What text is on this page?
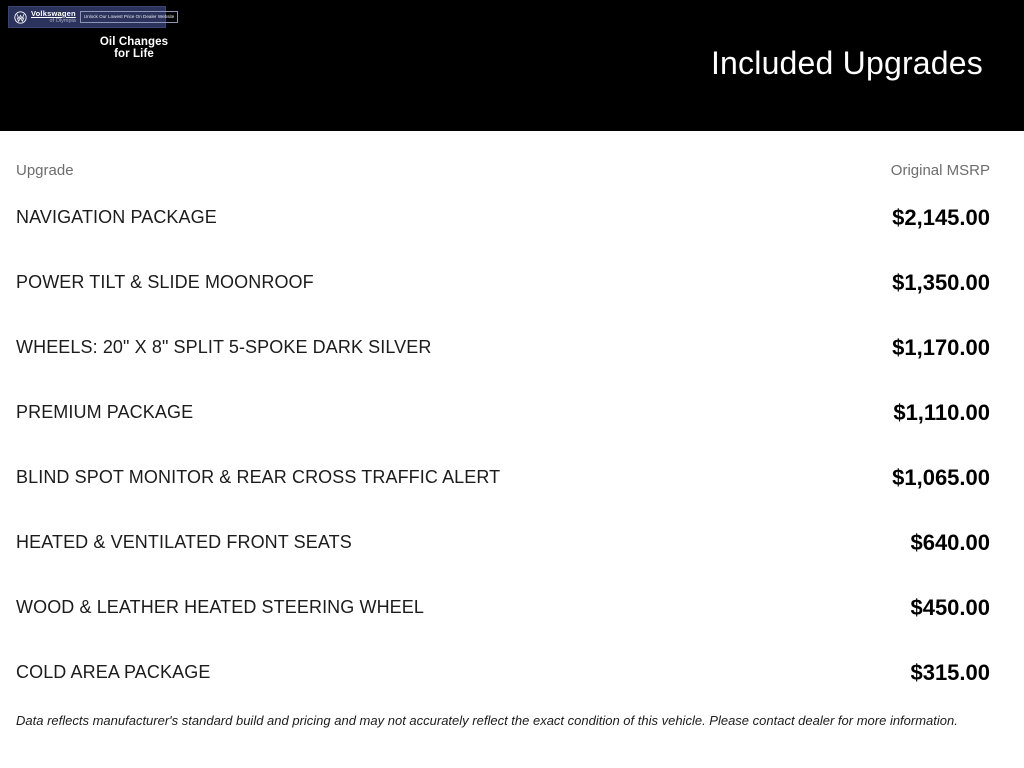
Volkswagen
of Olympia
Unlock Our Lowest Price On Dealer Website
Oil Changes
for Life	Included Upgrades
Upgrade	Original MSRP
NAVIGATION PACKAGE	$2,145.00
POWER TILT & SLIDE MOONROOF	$1,350.00
WHEELS: 20" X 8" SPLIT 5-SPOKE DARK SILVER	$1,170.00
PREMIUM PACKAGE	$1,110.00
BLIND SPOT MONITOR & REAR CROSS TRAFFIC ALERT	$1,065.00
HEATED & VENTILATED FRONT SEATS	$640.00
WOOD & LEATHER HEATED STEERING WHEEL	$450.00
COLD AREA PACKAGE	$315.00

Data reflects manufacturer's standard build and pricing and may not accurately reflect the exact condition of this vehicle. Please contact dealer for more information.
